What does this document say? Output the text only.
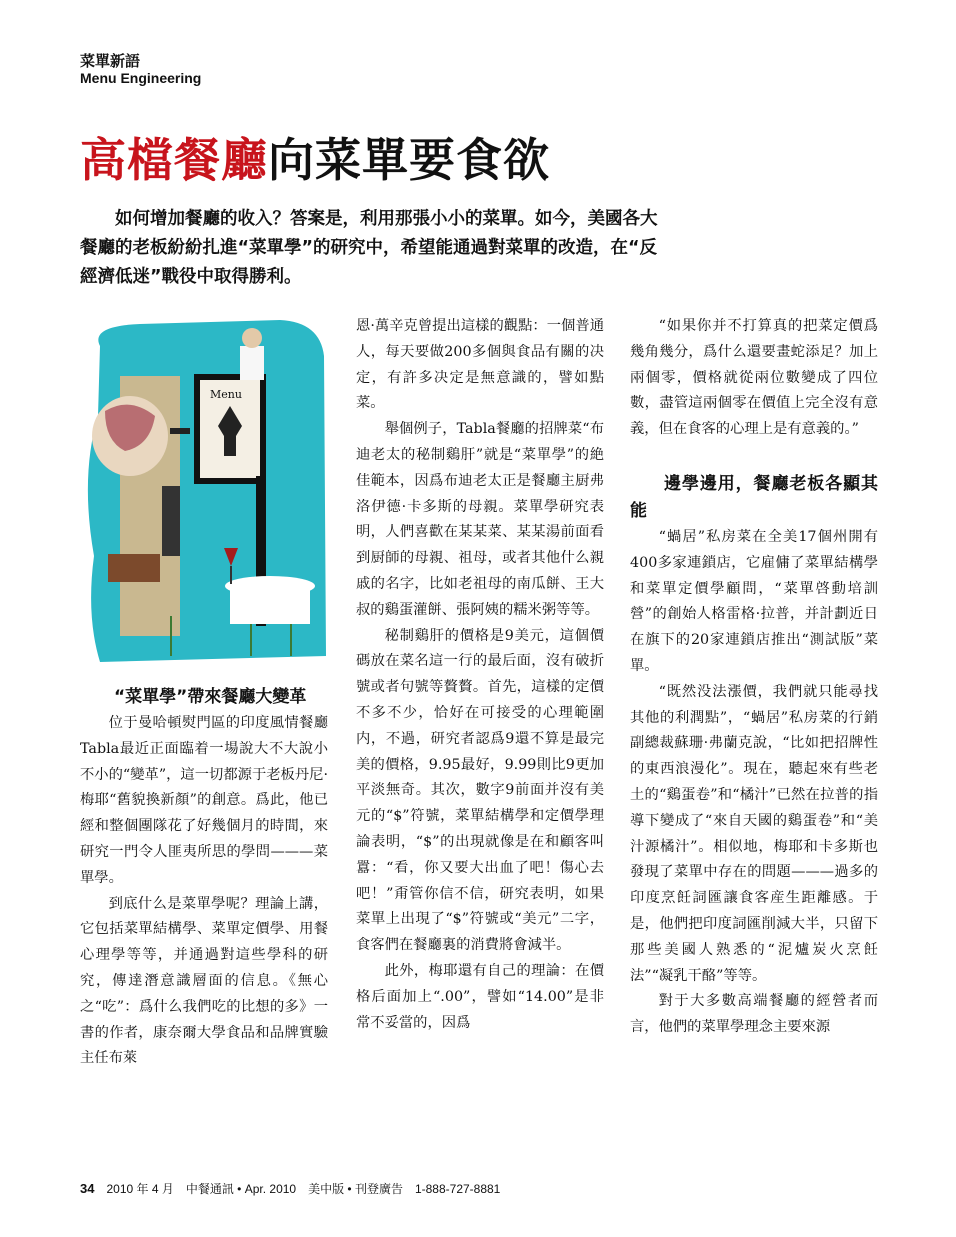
菜單新語
Menu Engineering
高檔餐廳向菜單要食欲
如何增加餐廳的收入？答案是，利用那張小小的菜單。如今，美國各大餐廳的老板紛紛扎進“菜單學”的研究中，希望能通過對菜單的改造，在“反經濟低迷”戰役中取得勝利。
Menu
“菜單學”帶來餐廳大變革

位于曼哈頓熨門區的印度風情餐廳Tabla最近正面臨着一場說大不大說小不小的“變革”，這一切都源于老板丹尼·梅耶“舊貌換新顏”的創意。爲此，他已經和整個團隊花了好幾個月的時間，來研究一門令人匪夷所思的學問———菜單學。

到底什么是菜單學呢？理論上講，它包括菜單結構學、菜單定價學、用餐心理學等等，并通過對這些學科的研究，傳達潛意識層面的信息。《無心之“吃”：爲什么我們吃的比想的多》一書的作者，康奈爾大學食品和品牌實驗主任布萊

恩·萬辛克曾提出這樣的觀點：一個普通人，每天要做200多個與食品有關的决定，有許多决定是無意識的，譬如點菜。

舉個例子，Tabla餐廳的招牌菜“布迪老太的秘制鷄肝”就是“菜單學”的絶佳範本，因爲布迪老太正是餐廳主厨弗洛伊德·卡多斯的母親。菜單學研究表明，人們喜歡在某某菜、某某湯前面看到厨師的母親、祖母，或者其他什么親戚的名字，比如老祖母的南瓜餅、王大叔的鷄蛋灌餅、張阿姨的糯米粥等等。

秘制鷄肝的價格是9美元，這個價碼放在菜名這一行的最后面，沒有破折號或者句號等贅贅。首先，這樣的定價不多不少，恰好在可接受的心理範圍内，不過，研究者認爲9還不算是最完美的價格，9.95最好，9.99則比9更加平淡無奇。其次，數字9前面并沒有美元的“$”符號，菜單結構學和定價學理論表明，“$”的出現就像是在和顧客叫囂：“看，你又要大出血了吧！傷心去吧！”甭管你信不信，研究表明，如果菜單上出現了“$”符號或“美元”二字，食客們在餐廳裏的消費將會減半。

此外，梅耶還有自己的理論：在價格后面加上“.00”，譬如“14.00”是非常不妥當的，因爲

“如果你并不打算真的把菜定價爲幾角幾分，爲什么還要畫蛇添足？加上兩個零，價格就從兩位數變成了四位數，盡管這兩個零在價值上完全沒有意義，但在食客的心理上是有意義的。”

邊學邊用，餐廳老板各顯其能

“蝸居”私房菜在全美17個州開有400多家連鎖店，它雇傭了菜單結構學和菜單定價學顧問，“菜單啓動培訓營”的創始人格雷格·拉普，并計劃近日在旗下的20家連鎖店推出“測試版”菜單。

“既然没法漲價，我們就只能尋找其他的利潤點”，“蝸居”私房菜的行銷副總裁蘇珊·弗蘭克說，“比如把招牌性的東西浪漫化”。現在，聽起來有些老土的“鷄蛋卷”和“橘汁”已然在拉普的指導下變成了“來自天國的鷄蛋卷”和“美汁源橘汁”。相似地，梅耶和卡多斯也發現了菜單中存在的問題———過多的印度烹飪詞匯讓食客産生距離感。于是，他們把印度詞匯削減大半，只留下那些美國人熟悉的“泥爐炭火烹飪法”“凝乳干酪”等等。

對于大多數高端餐廳的經營者而言，他們的菜單學理念主要來源

34 2010 年 4 月　中餐通訊 • Apr. 2010　美中版 • 刊登廣告　1-888-727-8881
